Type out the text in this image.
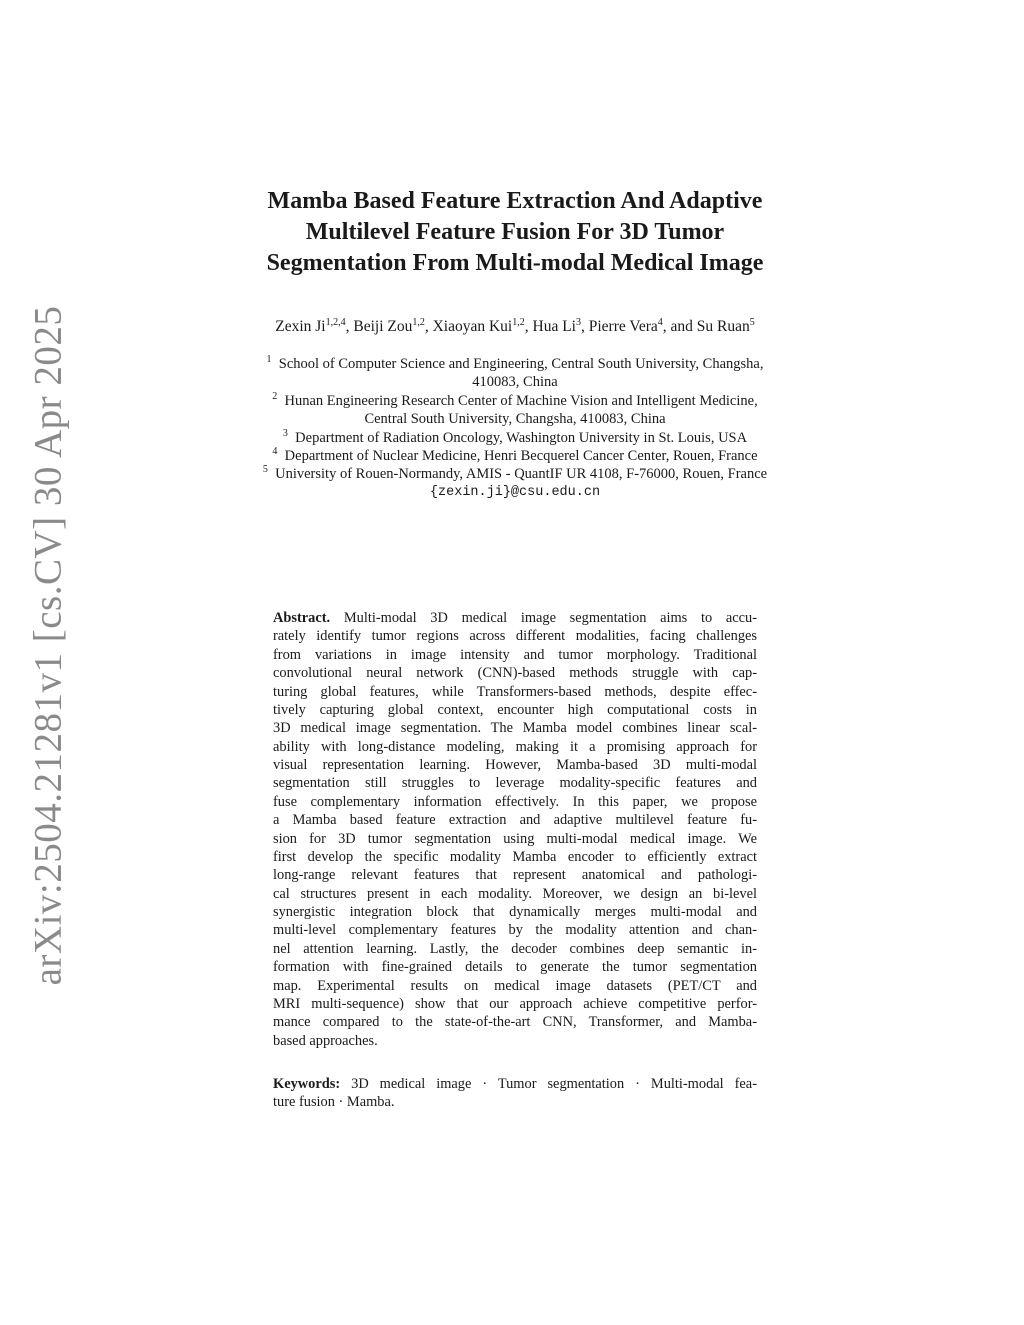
arXiv:2504.21281v1 [cs.CV] 30 Apr 2025
Mamba Based Feature Extraction And Adaptive
Multilevel Feature Fusion For 3D Tumor
Segmentation From Multi-modal Medical Image
Zexin Ji$^{1,2,4}$, Beiji Zou$^{1,2}$, Xiaoyan Kui$^{1,2}$, Hua Li$^3$, Pierre Vera$^4$, and Su Ruan$^5$
$^1$ School of Computer Science and Engineering, Central South University, Changsha,
410083, China
$^2$ Hunan Engineering Research Center of Machine Vision and Intelligent Medicine,
Central South University, Changsha, 410083, China
$^3$ Department of Radiation Oncology, Washington University in St. Louis, USA
$^4$ Department of Nuclear Medicine, Henri Becquerel Cancer Center, Rouen, France
$^5$ University of Rouen-Normandy, AMIS - QuantIF UR 4108, F-76000, Rouen, France
{zexin.ji}@csu.edu.cn
Abstract. Multi-modal 3D medical image segmentation aims to accu-
rately identify tumor regions across different modalities, facing challenges
from variations in image intensity and tumor morphology. Traditional
convolutional neural network (CNN)-based methods struggle with cap-
turing global features, while Transformers-based methods, despite effec-
tively capturing global context, encounter high computational costs in
3D medical image segmentation. The Mamba model combines linear scal-
ability with long-distance modeling, making it a promising approach for
visual representation learning. However, Mamba-based 3D multi-modal
segmentation still struggles to leverage modality-specific features and
fuse complementary information effectively. In this paper, we propose
a Mamba based feature extraction and adaptive multilevel feature fu-
sion for 3D tumor segmentation using multi-modal medical image. We
first develop the specific modality Mamba encoder to efficiently extract
long-range relevant features that represent anatomical and pathologi-
cal structures present in each modality. Moreover, we design an bi-level
synergistic integration block that dynamically merges multi-modal and
multi-level complementary features by the modality attention and chan-
nel attention learning. Lastly, the decoder combines deep semantic in-
formation with fine-grained details to generate the tumor segmentation
map. Experimental results on medical image datasets (PET/CT and
MRI multi-sequence) show that our approach achieve competitive perfor-
mance compared to the state-of-the-art CNN, Transformer, and Mamba-
based approaches.
Keywords: 3D medical image · Tumor segmentation · Multi-modal fea-
ture fusion · Mamba.
